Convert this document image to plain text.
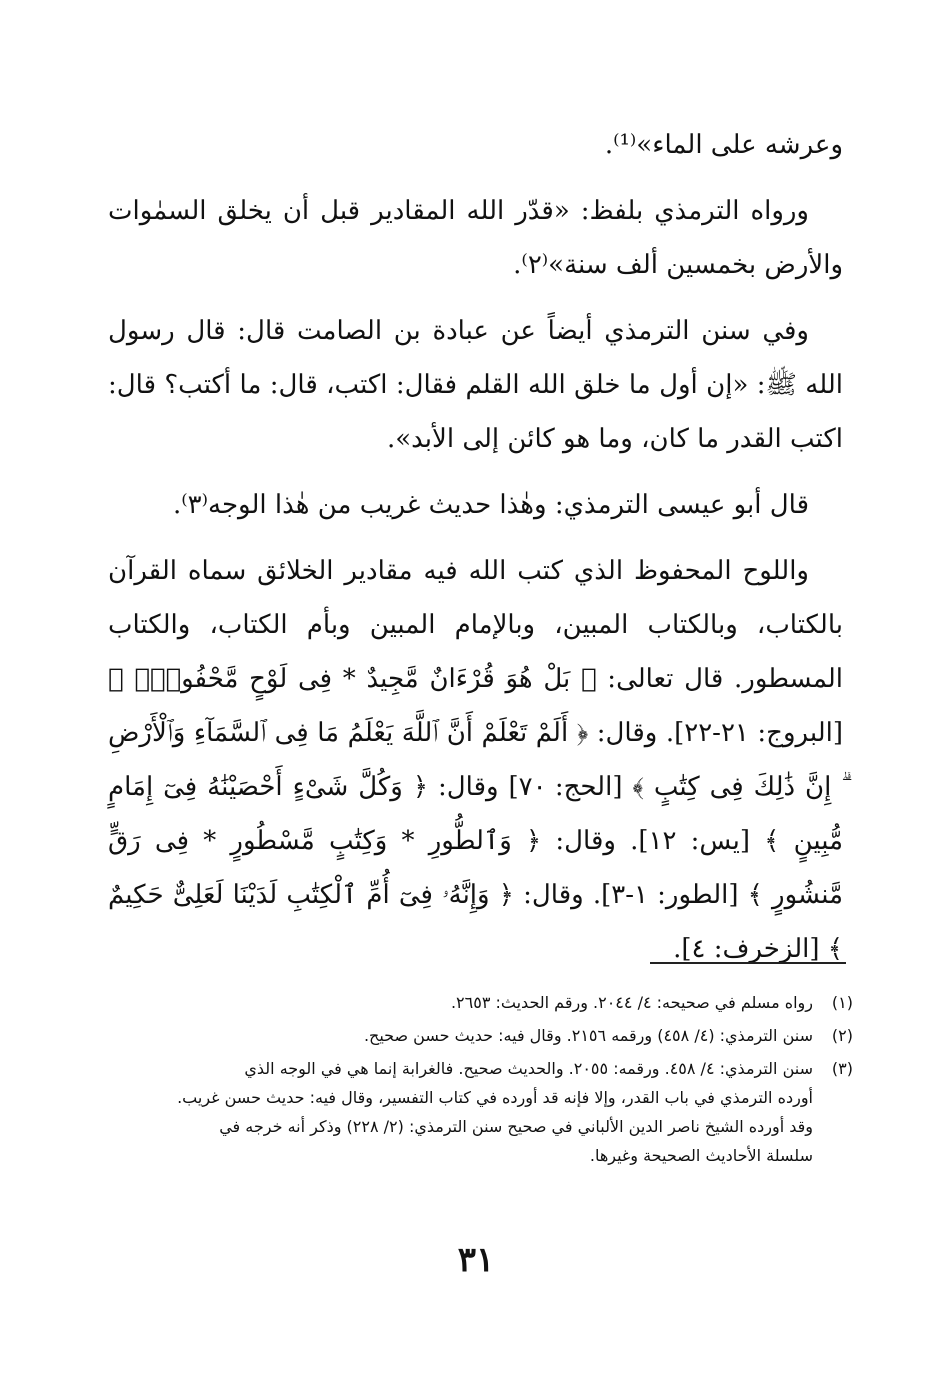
وعرشه على الماء»⁽¹⁾.

ورواه الترمذي بلفظ: «قدّر الله المقادير قبل أن يخلق السمٰوات والأرض بخمسين ألف سنة»⁽٢⁾.

وفي سنن الترمذي أيضاً عن عبادة بن الصامت قال: قال رسول الله ﷺ: «إن أول ما خلق الله القلم فقال: اكتب، قال: ما أكتب؟ قال: اكتب القدر ما كان، وما هو كائن إلى الأبد».

قال أبو عيسى الترمذي: وهٰذا حديث غريب من هٰذا الوجه⁽٣⁾.

واللوح المحفوظ الذي كتب الله فيه مقادير الخلائق سماه القرآن بالكتاب، وبالكتاب المبين، وبالإمام المبين وبأم الكتاب، والكتاب المسطور. قال تعالى: ﴿ بَلْ هُوَ قُرْءَانٌ مَّجِيدٌ * فِى لَوْحٍ مَّحْفُوظٍۭ ﴾ [البروج: ٢١-٢٢]. وقال: ﴿ أَلَمْ تَعْلَمْ أَنَّ ٱللَّهَ يَعْلَمُ مَا فِى ٱلسَّمَآءِ وَٱلْأَرْضِ ۗ إِنَّ ذَٰلِكَ فِى كِتَٰبٍ ﴾ [الحج: ٧٠] وقال: ﴿ وَكُلَّ شَىْءٍ أَحْصَيْنَٰهُ فِىٓ إِمَامٍ مُّبِينٍ ﴾ [يس: ١٢]. وقال: ﴿ وَٱلطُّورِ * وَكِتَٰبٍ مَّسْطُورٍ * فِى رَقٍّ مَّنشُورٍ ﴾ [الطور: ١-٣]. وقال: ﴿ وَإِنَّهُۥ فِىٓ أُمِّ ٱلْكِتَٰبِ لَدَيْنَا لَعَلِىٌّ حَكِيمٌ ﴾ [الزخرف: ٤].

(١)
رواه مسلم في صحيحه: ٤/ ٢٠٤٤. ورقم الحديث: ٢٦٥٣.
(٢)
سنن الترمذي: (٤/ ٤٥٨) ورقمه ٢١٥٦. وقال فيه: حديث حسن صحيح.
(٣)
سنن الترمذي: ٤/ ٤٥٨. ورقمه: ٢٠٥٥. والحديث صحيح. فالغرابة إنما هي في الوجه الذي
أورده الترمذي في باب القدر، وإلا فإنه قد أورده في كتاب التفسير، وقال فيه: حديث حسن غريب.
وقد أورده الشيخ ناصر الدين الألباني في صحيح سنن الترمذي: (٢/ ٢٢٨) وذكر أنه خرجه في
سلسلة الأحاديث الصحيحة وغيرها.
٣١
